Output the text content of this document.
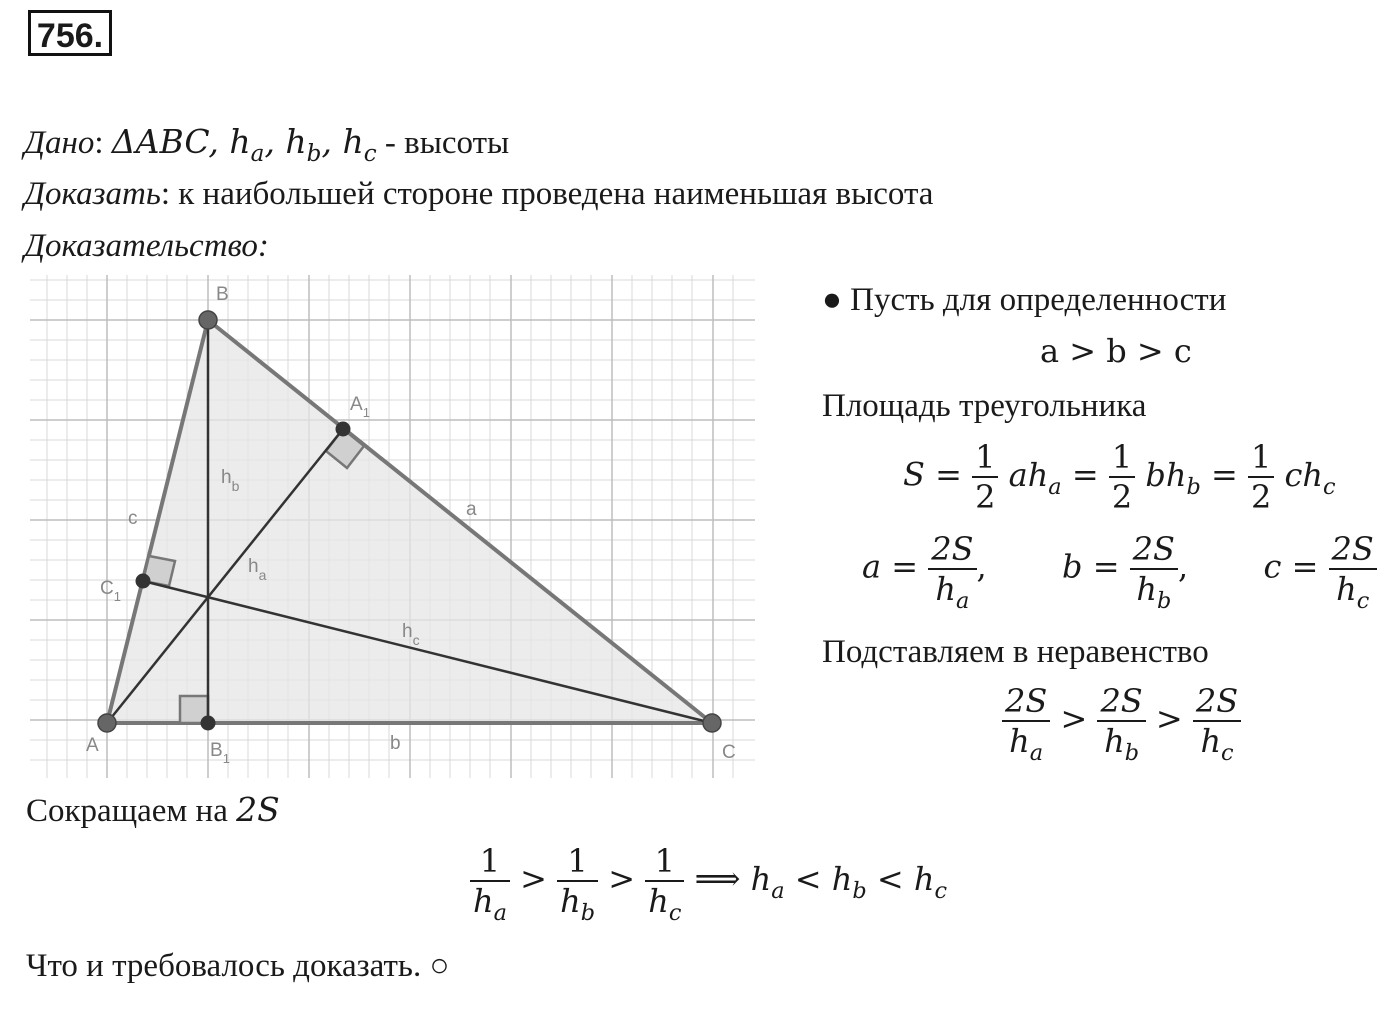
756.
Дано: ΔABC, $h_a$, $h_b$, $h_c$ - высоты
Доказать: к наибольшей стороне проведена наименьшая высота
Доказательство:
B
A	C
$A_1$
$B_1$
$C_1$
a
b
c
$h_b$
$h_a$
$h_c$
● Пусть для определенности
a > b > c
Площадь треугольника
$S = \frac{1}{2} ah_a = \frac{1}{2} bh_b = \frac{1}{2} ch_c$
$a = \frac{2S}{h_a}$ ,  $b = \frac{2S}{h_b}$ ,  $c = \frac{2S}{h_c}$
Подставляем в неравенство
$\frac{2S}{h_a} > \frac{2S}{h_b} > \frac{2S}{h_c}$
Сокращаем на 2S
$\frac{1}{h_a} > \frac{1}{h_b} > \frac{1}{h_c}$ ⟹ $h_a < h_b < h_c$
Что и требовалось доказать. ○
